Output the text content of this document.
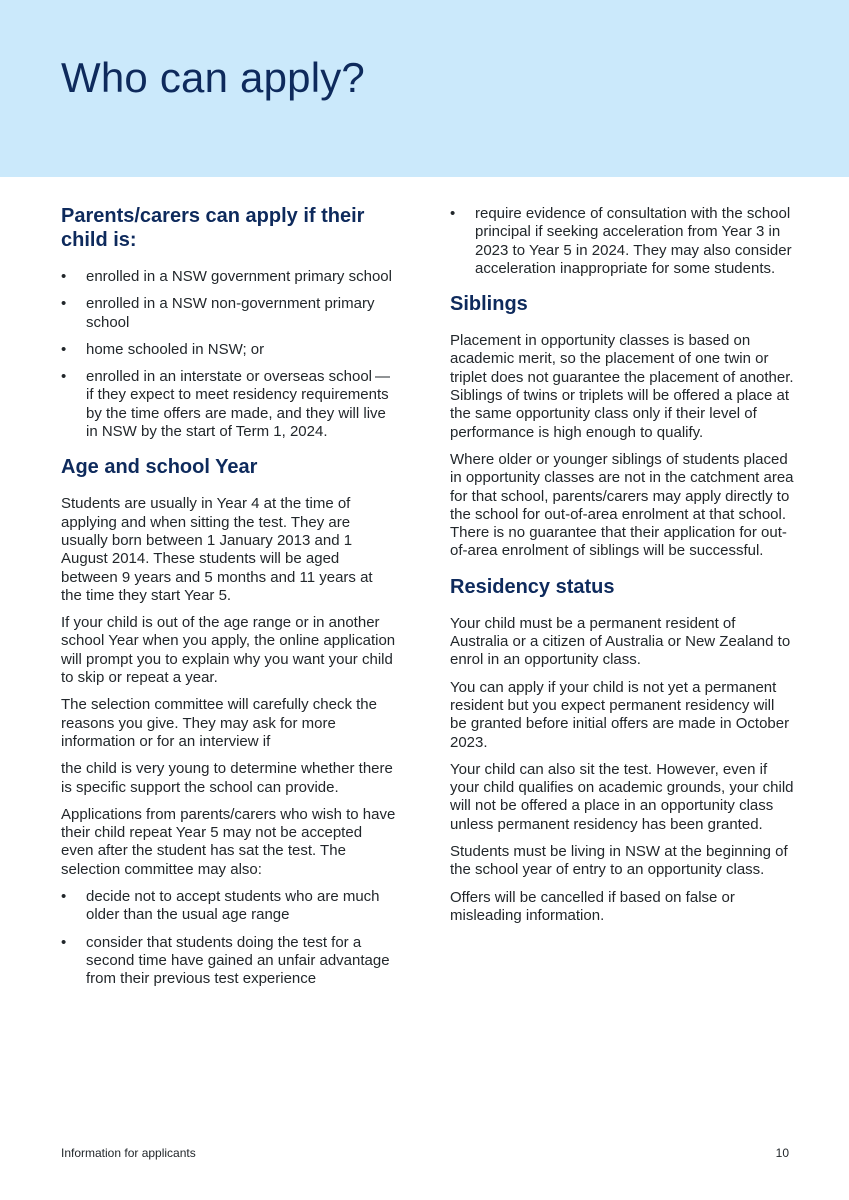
Who can apply?
Parents/carers can apply if their child is:
•	enrolled in a NSW government primary school
•	enrolled in a NSW non-government primary school
•	home schooled in NSW; or
•	enrolled in an interstate or overseas school — if they expect to meet residency requirements by the time offers are made, and they will live in NSW by the start of Term 1, 2024.
Age and school Year

Students are usually in Year 4 at the time of applying and when sitting the test. They are usually born between 1 January 2013 and 1 August 2014. These students will be aged between 9 years and 5 months and 11 years at the time they start Year 5.

If your child is out of the age range or in another school Year when you apply, the online application will prompt you to explain why you want your child to skip or repeat a year.

The selection committee will carefully check the reasons you give. They may ask for more information or for an interview if

the child is very young to determine whether there is specific support the school can provide.

Applications from parents/carers who wish to have their child repeat Year 5 may not be accepted even after the student has sat the test. The selection committee may also:

•	decide not to accept students who are much older than the usual age range
•	consider that students doing the test for a second time have gained an unfair advantage from their previous test experience
•	require evidence of consultation with the school principal if seeking acceleration from Year 3 in 2023 to Year 5 in 2024. They may also consider acceleration inappropriate for some students.
Siblings

Placement in opportunity classes is based on academic merit, so the placement of one twin or triplet does not guarantee the placement of another. Siblings of twins or triplets will be offered a place at the same opportunity class only if their level of performance is high enough to qualify.

Where older or younger siblings of students placed in opportunity classes are not in the catchment area for that school, parents/carers may apply directly to the school for out-of-area enrolment at that school. There is no guarantee that their application for out-of-area enrolment of siblings will be successful.

Residency status

Your child must be a permanent resident of Australia or a citizen of Australia or New Zealand to enrol in an opportunity class.

You can apply if your child is not yet a permanent resident but you expect permanent residency will be granted before initial offers are made in October 2023.

Your child can also sit the test. However, even if your child qualifies on academic grounds, your child will not be offered a place in an opportunity class unless permanent residency has been granted.

Students must be living in NSW at the beginning of the school year of entry to an opportunity class.

Offers will be cancelled if based on false or misleading information.

Information for applicants	10
